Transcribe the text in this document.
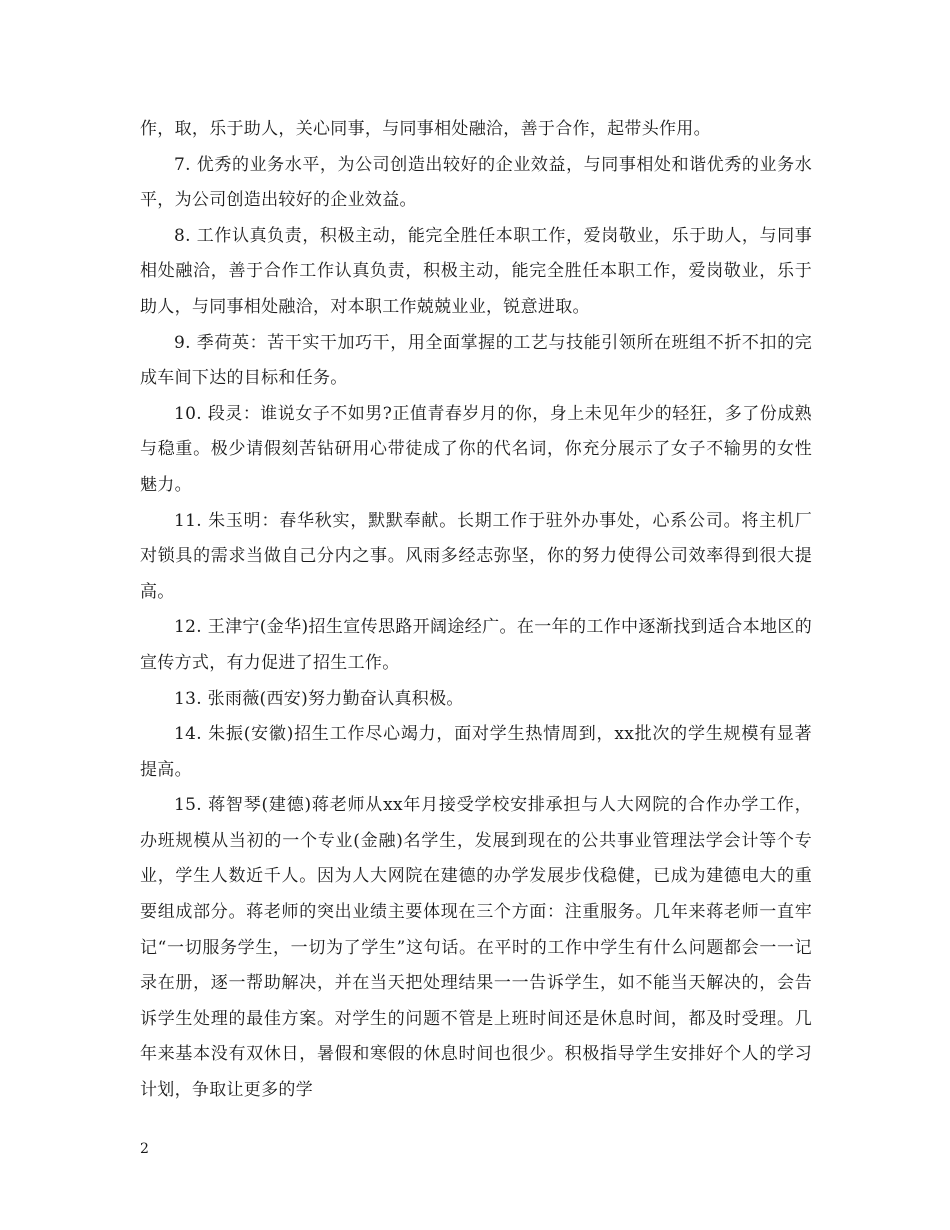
作，取，乐于助人，关心同事，与同事相处融洽，善于合作，起带头作用。

7. 优秀的业务水平，为公司创造出较好的企业效益，与同事相处和谐优秀的业务水平，为公司创造出较好的企业效益。

8. 工作认真负责，积极主动，能完全胜任本职工作，爱岗敬业，乐于助人，与同事相处融洽，善于合作工作认真负责，积极主动，能完全胜任本职工作，爱岗敬业，乐于助人，与同事相处融洽，对本职工作兢兢业业，锐意进取。

9. 季荷英：苦干实干加巧干，用全面掌握的工艺与技能引领所在班组不折不扣的完成车间下达的目标和任务。

10. 段灵：谁说女子不如男?正值青春岁月的你，身上未见年少的轻狂，多了份成熟与稳重。极少请假刻苦钻研用心带徒成了你的代名词，你充分展示了女子不输男的女性魅力。

11. 朱玉明：春华秋实，默默奉献。长期工作于驻外办事处，心系公司。将主机厂对锁具的需求当做自己分内之事。风雨多经志弥坚，你的努力使得公司效率得到很大提高。

12. 王津宁(金华)招生宣传思路开阔途经广。在一年的工作中逐渐找到适合本地区的宣传方式，有力促进了招生工作。

13. 张雨薇(西安)努力勤奋认真积极。

14. 朱振(安徽)招生工作尽心竭力，面对学生热情周到，xx批次的学生规模有显著提高。

15. 蒋智琴(建德)蒋老师从xx年月接受学校安排承担与人大网院的合作办学工作，办班规模从当初的一个专业(金融)名学生，发展到现在的公共事业管理法学会计等个专业，学生人数近千人。因为人大网院在建德的办学发展步伐稳健，已成为建德电大的重要组成部分。蒋老师的突出业绩主要体现在三个方面：注重服务。几年来蒋老师一直牢记“一切服务学生，一切为了学生”这句话。在平时的工作中学生有什么问题都会一一记录在册，逐一帮助解决，并在当天把处理结果一一告诉学生，如不能当天解决的，会告诉学生处理的最佳方案。对学生的问题不管是上班时间还是休息时间，都及时受理。几年来基本没有双休日，暑假和寒假的休息时间也很少。积极指导学生安排好个人的学习计划，争取让更多的学

2
